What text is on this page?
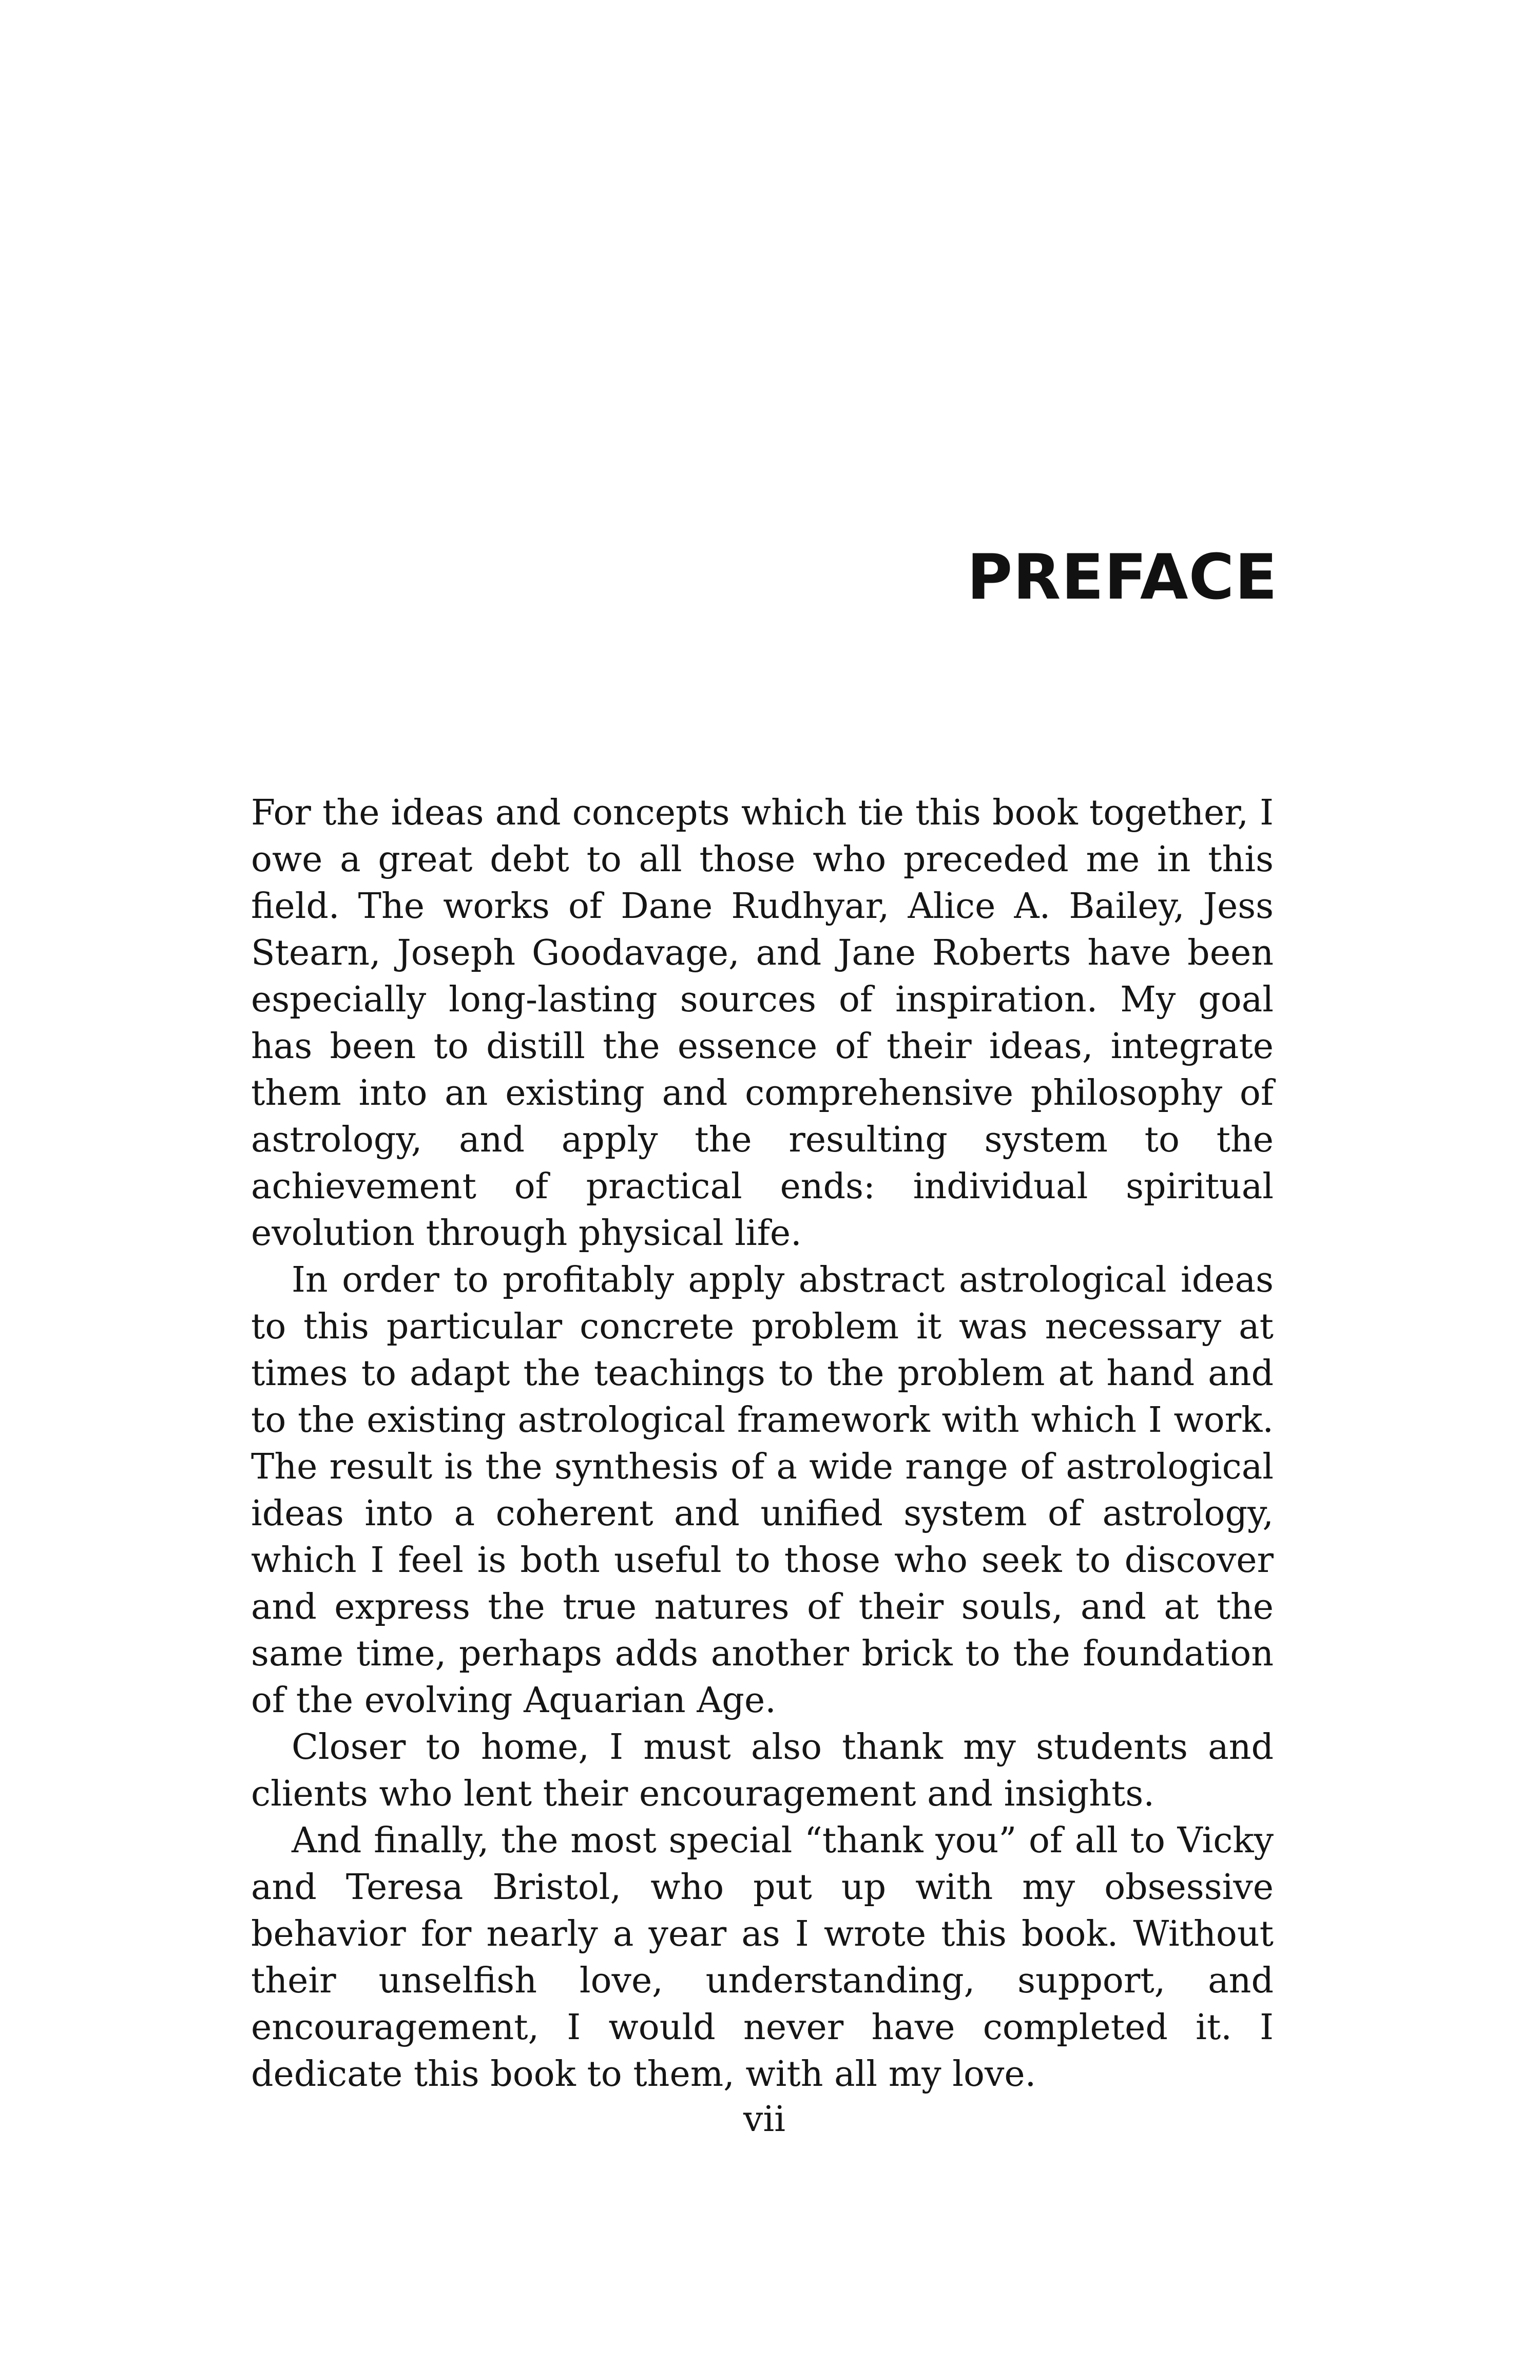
PREFACE

For the ideas and concepts which tie this book together, I owe a great debt to all those who preceded me in this field. The works of Dane Rudhyar, Alice A. Bailey, Jess Stearn, Joseph Goodavage, and Jane Roberts have been especially long-lasting sources of inspiration. My goal has been to distill the essence of their ideas, integrate them into an existing and comprehensive philosophy of astrology, and apply the resulting system to the achievement of practical ends: individual spiritual evolution through physical life.

In order to profitably apply abstract astrological ideas to this particular concrete problem it was necessary at times to adapt the teachings to the problem at hand and to the existing astrological framework with which I work. The result is the synthesis of a wide range of astrological ideas into a coherent and unified system of astrology, which I feel is both useful to those who seek to discover and express the true natures of their souls, and at the same time, perhaps adds another brick to the foundation of the evolving Aquarian Age.

Closer to home, I must also thank my students and clients who lent their encouragement and insights.

And finally, the most special “thank you” of all to Vicky and Teresa Bristol, who put up with my obsessive behavior for nearly a year as I wrote this book. Without their unselfish love, understanding, support, and encouragement, I would never have completed it. I dedicate this book to them, with all my love.

vii
